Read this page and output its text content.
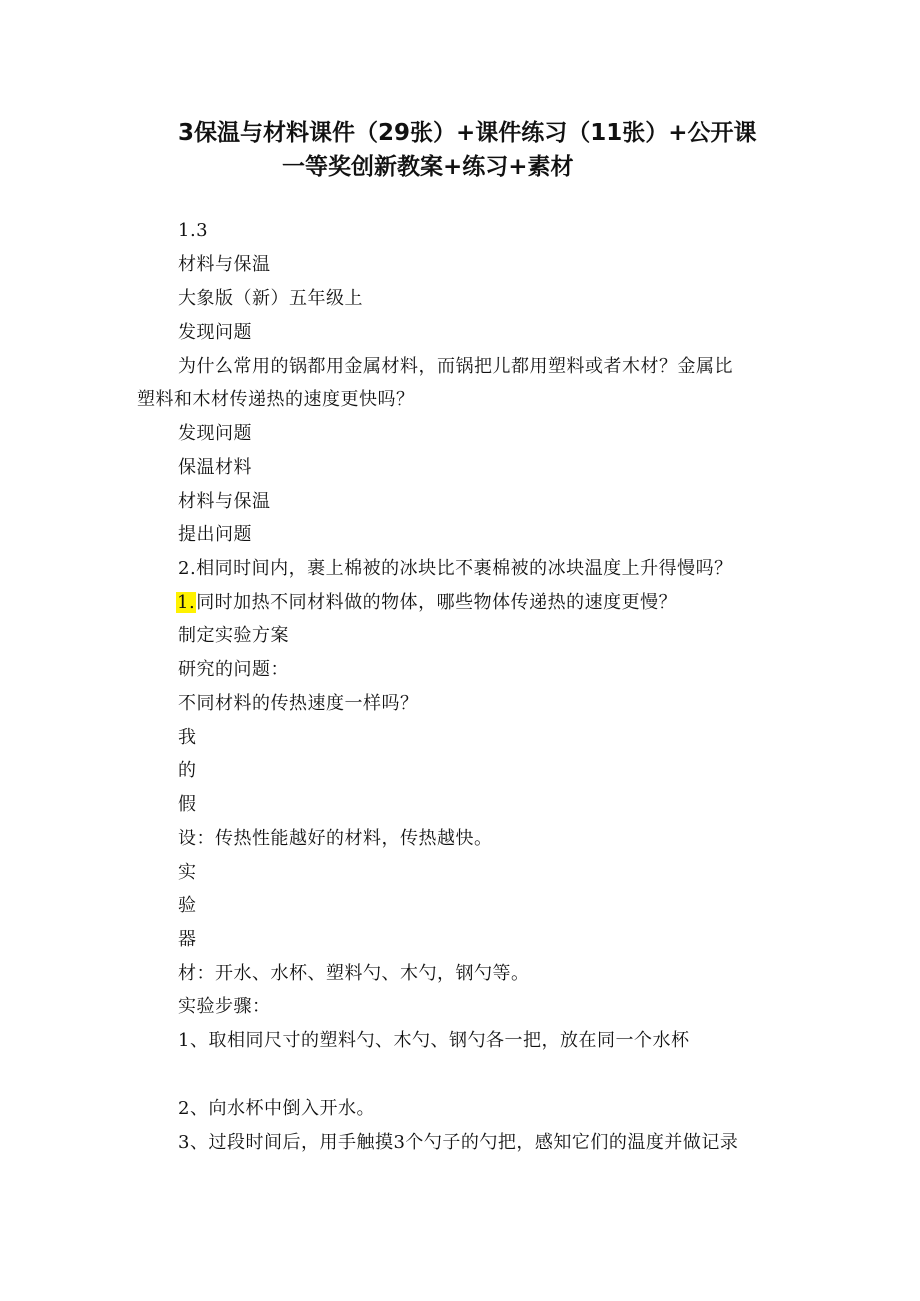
3保温与材料课件（29张）+课件练习（11张）+公开课
一等奖创新教案+练习+素材
1.3
材料与保温
大象版（新）五年级上
发现问题
为什么常用的锅都用金属材料，而锅把儿都用塑料或者木材？金属比
塑料和木材传递热的速度更快吗？
发现问题
保温材料
材料与保温
提出问题
2.相同时间内，裹上棉被的冰块比不裹棉被的冰块温度上升得慢吗？
1.同时加热不同材料做的物体，哪些物体传递热的速度更慢？
制定实验方案
研究的问题：
不同材料的传热速度一样吗？
我
的
假
设：传热性能越好的材料，传热越快。
实
验
器
材：开水、水杯、塑料勺、木勺，钢勺等。
实验步骤：
1、取相同尺寸的塑料勺、木勺、钢勺各一把，放在同一个水杯
2、向水杯中倒入开水。
3、过段时间后，用手触摸3个勺子的勺把，感知它们的温度并做记录
